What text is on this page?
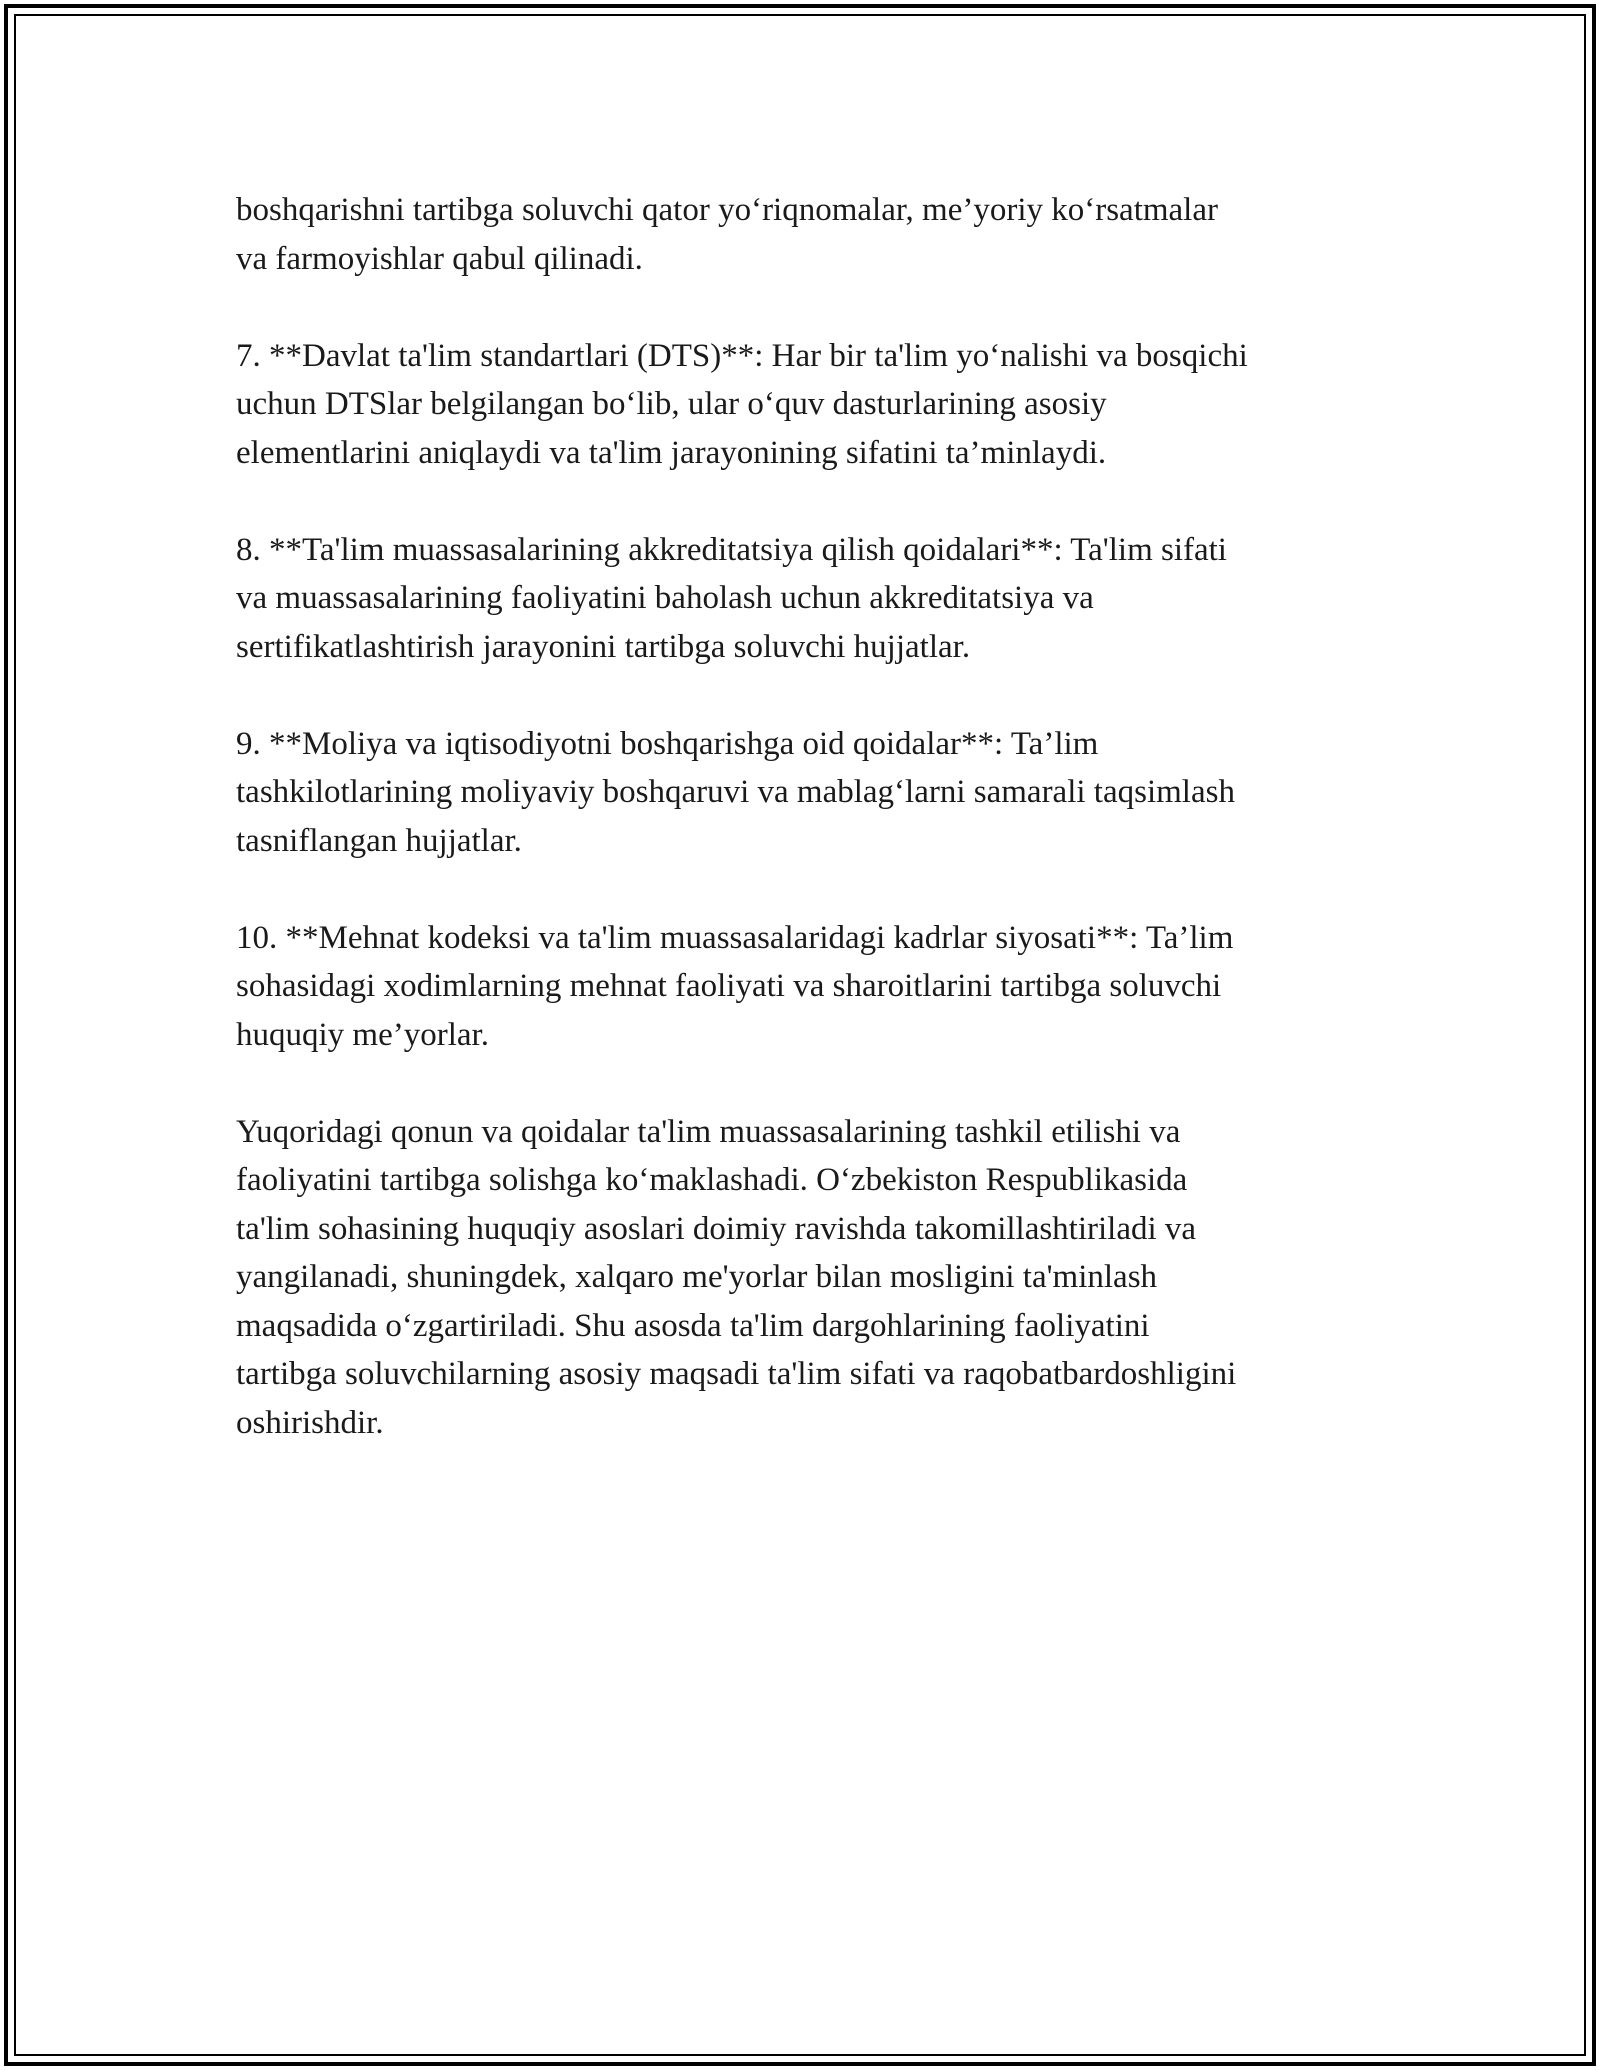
boshqarishni tartibga soluvchi qator yo‘riqnomalar, me’yoriy ko‘rsatmalar
va farmoyishlar qabul qilinadi.

7. **Davlat ta'lim standartlari (DTS)**: Har bir ta'lim yo‘nalishi va bosqichi
uchun DTSlar belgilangan bo‘lib, ular o‘quv dasturlarining asosiy
elementlarini aniqlaydi va ta'lim jarayonining sifatini ta’minlaydi.

8. **Ta'lim muassasalarining akkreditatsiya qilish qoidalari**: Ta'lim sifati
va muassasalarining faoliyatini baholash uchun akkreditatsiya va
sertifikatlashtirish jarayonini tartibga soluvchi hujjatlar.

9. **Moliya va iqtisodiyotni boshqarishga oid qoidalar**: Ta’lim
tashkilotlarining moliyaviy boshqaruvi va mablag‘larni samarali taqsimlash
tasniflangan hujjatlar.

10. **Mehnat kodeksi va ta'lim muassasalaridagi kadrlar siyosati**: Ta’lim
sohasidagi xodimlarning mehnat faoliyati va sharoitlarini tartibga soluvchi
huquqiy me’yorlar.

Yuqoridagi qonun va qoidalar ta'lim muassasalarining tashkil etilishi va
faoliyatini tartibga solishga ko‘maklashadi. O‘zbekiston Respublikasida
ta'lim sohasining huquqiy asoslari doimiy ravishda takomillashtiriladi va
yangilanadi, shuningdek, xalqaro me'yorlar bilan mosligini ta'minlash
maqsadida o‘zgartiriladi. Shu asosda ta'lim dargohlarining faoliyatini
tartibga soluvchilarning asosiy maqsadi ta'lim sifati va raqobatbardoshligini
oshirishdir.
